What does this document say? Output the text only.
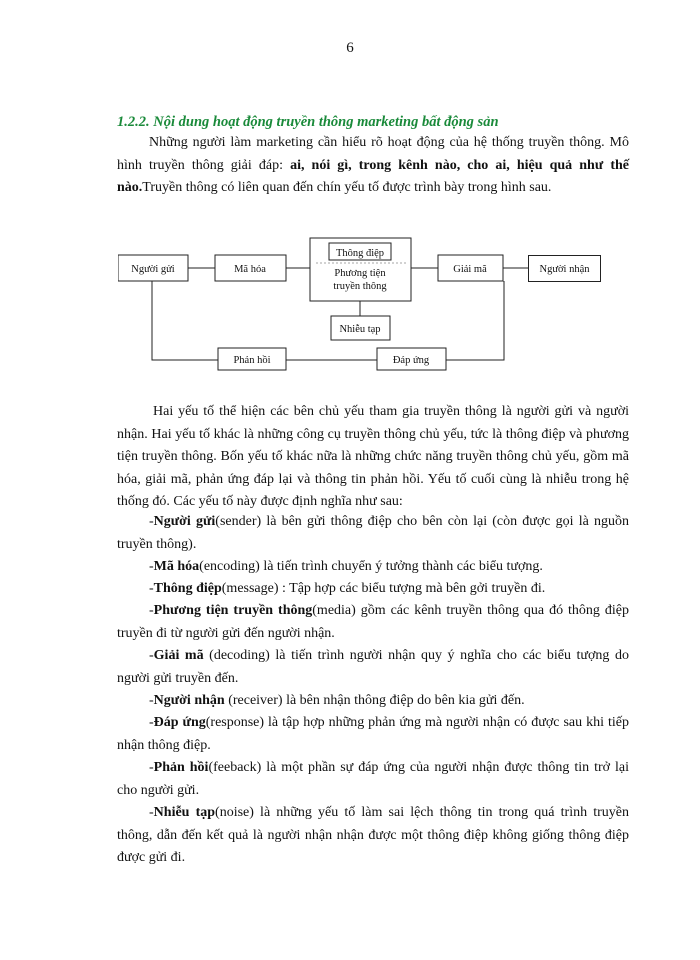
6
1.2.2. Nội dung hoạt động truyền thông marketing bất động sản
Những người làm marketing cần hiểu rõ hoạt động của hệ thống truyền thông. Mô hình truyền thông giải đáp: ai, nói gì, trong kênh nào, cho ai, hiệu quả như thế nào.Truyền thông có liên quan đến chín yếu tố được trình bày trong hình sau.
Người gửi	Mã hóa
Thông điệp
Phương tiện
truyền thông
Giải mã
Nhiễu tạp
Phản hồi	Đáp ứng
Người nhận
Hai yếu tố thể hiện các bên chủ yếu tham gia truyền thông là người gửi và người nhận. Hai yếu tố khác là những công cụ truyền thông chủ yếu, tức là thông điệp và phương tiện truyền thông. Bốn yếu tố khác nữa là những chức năng truyền thông chủ yếu, gồm mã hóa, giải mã, phản ứng đáp lại và thông tin phản hồi. Yếu tố cuối cùng là nhiễu trong hệ thống đó. Các yếu tố này được định nghĩa như sau:
-Người gửi(sender) là bên gửi thông điệp cho bên còn lại (còn được gọi là nguồn truyền thông).
-Mã hóa(encoding) là tiến trình chuyển ý tưởng thành các biểu tượng.
-Thông điệp(message) : Tập hợp các biểu tượng mà bên gởi truyền đi.
-Phương tiện truyền thông(media) gồm các kênh truyền thông qua đó thông điệp truyền đi từ người gửi đến người nhận.
-Giải mã (decoding) là tiến trình người nhận quy ý nghĩa cho các biểu tượng do người gửi truyền đến.
-Người nhận (receiver) là bên nhận thông điệp do bên kia gửi đến.
-Đáp ứng(response) là tập hợp những phản ứng mà người nhận có được sau khi tiếp nhận thông điệp.
-Phản hồi(feeback) là một phần sự đáp ứng của người nhận được thông tin trở lại cho người gửi.
-Nhiễu tạp(noise) là những yếu tố làm sai lệch thông tin trong quá trình truyền thông, dẫn đến kết quả là người nhận nhận được một thông điệp không giống thông điệp được gửi đi.
